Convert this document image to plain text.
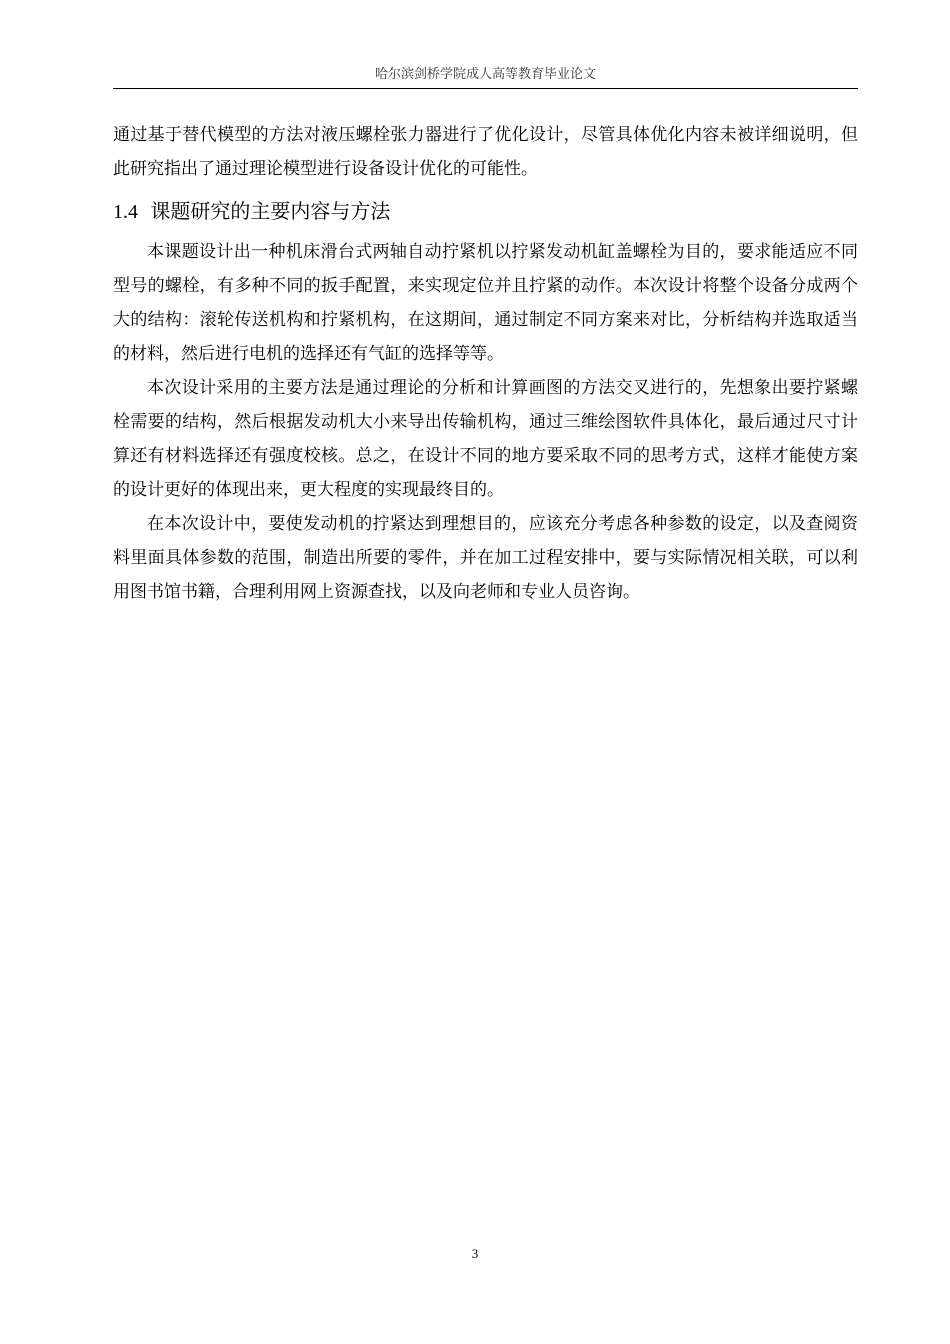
哈尔滨剑桥学院成人高等教育毕业论文

通过基于替代模型的方法对液压螺栓张力器进行了优化设计，尽管具体优化内容未被详细说明，但此研究指出了通过理论模型进行设备设计优化的可能性。

1.4 课题研究的主要内容与方法

本课题设计出一种机床滑台式两轴自动拧紧机以拧紧发动机缸盖螺栓为目的，要求能适应不同型号的螺栓，有多种不同的扳手配置，来实现定位并且拧紧的动作。本次设计将整个设备分成两个大的结构：滚轮传送机构和拧紧机构，在这期间，通过制定不同方案来对比，分析结构并选取适当的材料，然后进行电机的选择还有气缸的选择等等。

本次设计采用的主要方法是通过理论的分析和计算画图的方法交叉进行的，先想象出要拧紧螺栓需要的结构，然后根据发动机大小来导出传输机构，通过三维绘图软件具体化，最后通过尺寸计算还有材料选择还有强度校核。总之，在设计不同的地方要采取不同的思考方式，这样才能使方案的设计更好的体现出来，更大程度的实现最终目的。

在本次设计中，要使发动机的拧紧达到理想目的，应该充分考虑各种参数的设定，以及查阅资料里面具体参数的范围，制造出所要的零件，并在加工过程安排中，要与实际情况相关联，可以利用图书馆书籍，合理利用网上资源查找，以及向老师和专业人员咨询。

3
